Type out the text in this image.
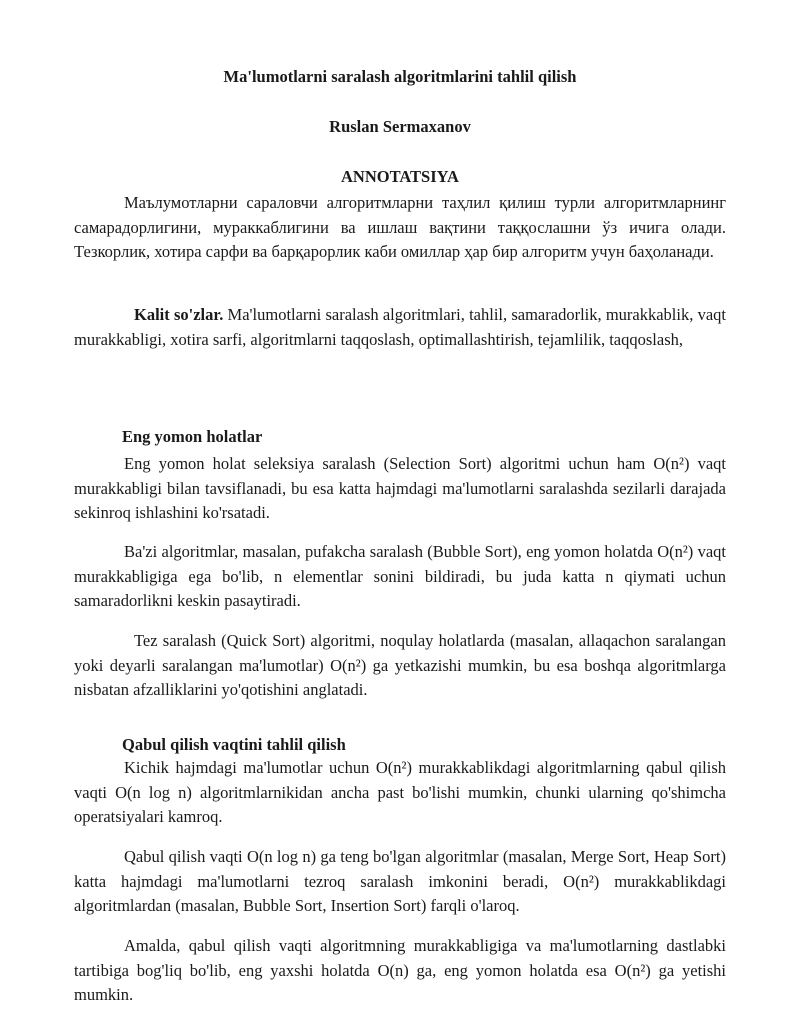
Ma'lumotlarni saralash algoritmlarini tahlil qilish

Ruslan Sermaxanov

ANNOTATSIYA

Маълумотларни сараловчи алгоритмларни таҳлил қилиш турли алгоритмларнинг самарадорлигини, мураккаблигини ва ишлаш вақтини таққослашни ўз ичига олади. Тезкорлик, хотира сарфи ва барқарорлик каби омиллар ҳар бир алгоритм учун баҳоланади.

Kalit so'zlar. Ma'lumotlarni saralash algoritmlari, tahlil, samaradorlik, murakkablik, vaqt murakkabligi, xotira sarfi, algoritmlarni taqqoslash, optimallashtirish, tejamlilik, taqqoslash,

Eng yomon holatlar

Eng yomon holat seleksiya saralash (Selection Sort) algoritmi uchun ham O(n²) vaqt murakkabligi bilan tavsiflanadi, bu esa katta hajmdagi ma'lumotlarni saralashda sezilarli darajada sekinroq ishlashini ko'rsatadi.

Ba'zi algoritmlar, masalan, pufakcha saralash (Bubble Sort), eng yomon holatda O(n²) vaqt murakkabligiga ega bo'lib, n elementlar sonini bildiradi, bu juda katta n qiymati uchun samaradorlikni keskin pasaytiradi.

Tez saralash (Quick Sort) algoritmi, noqulay holatlarda (masalan, allaqachon saralangan yoki deyarli saralangan ma'lumotlar) O(n²) ga yetkazishi mumkin, bu esa boshqa algoritmlarga nisbatan afzalliklarini yo'qotishini anglatadi.

Qabul qilish vaqtini tahlil qilish

Kichik hajmdagi ma'lumotlar uchun O(n²) murakkablikdagi algoritmlarning qabul qilish vaqti O(n log n) algoritmlarnikidan ancha past bo'lishi mumkin, chunki ularning qo'shimcha operatsiyalari kamroq.

Qabul qilish vaqti O(n log n) ga teng bo'lgan algoritmlar (masalan, Merge Sort, Heap Sort) katta hajmdagi ma'lumotlarni tezroq saralash imkonini beradi, O(n²) murakkablikdagi algoritmlardan (masalan, Bubble Sort, Insertion Sort) farqli o'laroq.

Amalda, qabul qilish vaqti algoritmning murakkabligiga va ma'lumotlarning dastlabki tartibiga bog'liq bo'lib, eng yaxshi holatda O(n) ga, eng yomon holatda esa O(n²) ga yetishi mumkin.
